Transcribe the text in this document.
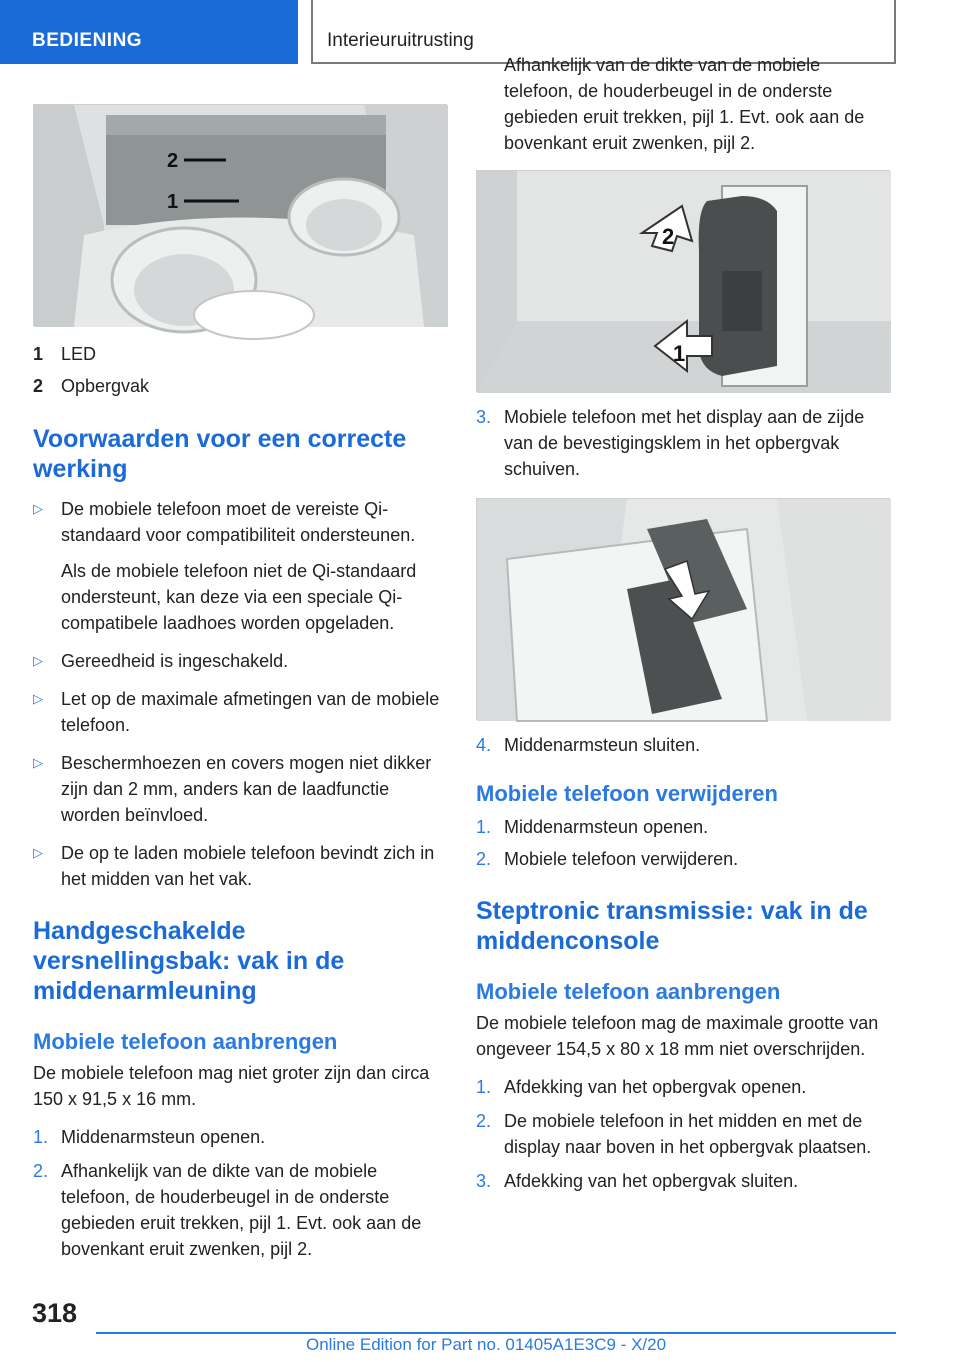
BEDIENING	Interieuruitrusting
2
1
1 LED
2 Opbergvak
Voorwaarden voor een correcte werking
▷ De mobiele telefoon moet de vereiste Qi-standaard voor compatibiliteit ondersteunen.
Als de mobiele telefoon niet de Qi-standaard ondersteunt, kan deze via een speciale Qi-compatibele laadhoes worden opgeladen.
▷ Gereedheid is ingeschakeld.
▷ Let op de maximale afmetingen van de mobiele telefoon.
▷ Beschermhoezen en covers mogen niet dikker zijn dan 2 mm, anders kan de laadfunctie worden beïnvloed.
▷ De op te laden mobiele telefoon bevindt zich in het midden van het vak.
Handgeschakelde versnellingsbak: vak in de middenarmleuning
Mobiele telefoon aanbrengen

De mobiele telefoon mag niet groter zijn dan circa 150 x 91,5 x 16 mm.

1. Middenarmsteun openen.
2. Afhankelijk van de dikte van de mobiele telefoon, de houderbeugel in de onderste gebieden eruit trekken, pijl 1. Evt. ook aan de bovenkant eruit zwenken, pijl 2.
Afhankelijk van de dikte van de mobiele telefoon, de houderbeugel in de onderste gebieden eruit trekken, pijl 1. Evt. ook aan de bovenkant eruit zwenken, pijl 2.
1
2
3. Mobiele telefoon met het display aan de zijde van de bevestigingsklem in het opbergvak schuiven.
4. Middenarmsteun sluiten.
Mobiele telefoon verwijderen
1. Middenarmsteun openen.
2. Mobiele telefoon verwijderen.
Steptronic transmissie: vak in de middenconsole
Mobiele telefoon aanbrengen

De mobiele telefoon mag de maximale grootte van ongeveer 154,5 x 80 x 18 mm niet overschrijden.

1. Afdekking van het opbergvak openen.
2. De mobiele telefoon in het midden en met de display naar boven in het opbergvak plaatsen.
3. Afdekking van het opbergvak sluiten.
318
Online Edition for Part no. 01405A1E3C9 - X/20
